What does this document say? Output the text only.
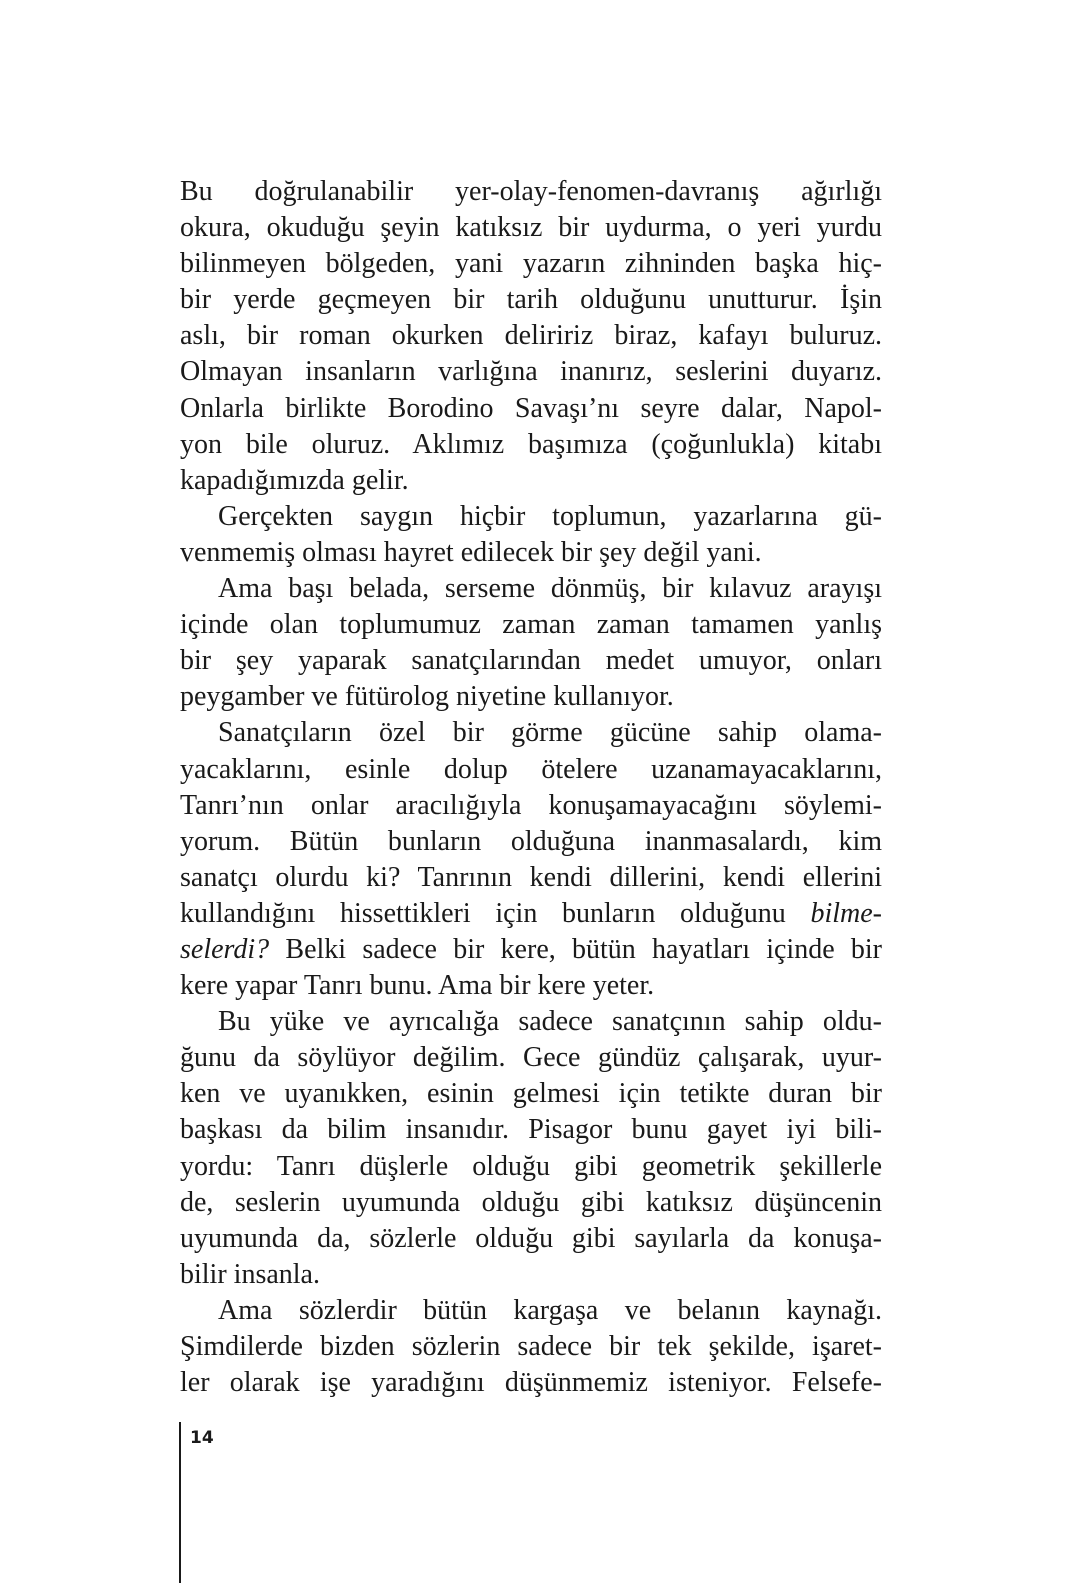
Bu doğrulanabilir yer-olay-fenomen-davranış ağırlığı
okura, okuduğu şeyin katıksız bir uydurma, o yeri yurdu
bilinmeyen bölgeden, yani yazarın zihninden başka hiç-
bir yerde geçmeyen bir tarih olduğunu unutturur. İşin
aslı, bir roman okurken deliririz biraz, kafayı buluruz.
Olmayan insanların varlığına inanırız, seslerini duyarız.
Onlarla birlikte Borodino Savaşı’nı seyre dalar, Napol-
yon bile oluruz. Aklımız başımıza (çoğunlukla) kitabı
kapadığımızda gelir.
Gerçekten saygın hiçbir toplumun, yazarlarına gü-
venmemiş olması hayret edilecek bir şey değil yani.
Ama başı belada, serseme dönmüş, bir kılavuz arayışı
içinde olan toplumumuz zaman zaman tamamen yanlış
bir şey yaparak sanatçılarından medet umuyor, onları
peygamber ve fütürolog niyetine kullanıyor.
Sanatçıların özel bir görme gücüne sahip olama-
yacaklarını, esinle dolup ötelere uzanamayacaklarını,
Tanrı’nın onlar aracılığıyla konuşamayacağını söylemi-
yorum. Bütün bunların olduğuna inanmasalardı, kim
sanatçı olurdu ki? Tanrının kendi dillerini, kendi ellerini
kullandığını hissettikleri için bunların olduğunu bilme-
selerdi? Belki sadece bir kere, bütün hayatları içinde bir
kere yapar Tanrı bunu. Ama bir kere yeter.
Bu yüke ve ayrıcalığa sadece sanatçının sahip oldu-
ğunu da söylüyor değilim. Gece gündüz çalışarak, uyur-
ken ve uyanıkken, esinin gelmesi için tetikte duran bir
başkası da bilim insanıdır. Pisagor bunu gayet iyi bili-
yordu: Tanrı düşlerle olduğu gibi geometrik şekillerle
de, seslerin uyumunda olduğu gibi katıksız düşüncenin
uyumunda da, sözlerle olduğu gibi sayılarla da konuşa-
bilir insanla.
Ama sözlerdir bütün kargaşa ve belanın kaynağı.
Şimdilerde bizden sözlerin sadece bir tek şekilde, işaret-
ler olarak işe yaradığını düşünmemiz isteniyor. Felsefe-
14
